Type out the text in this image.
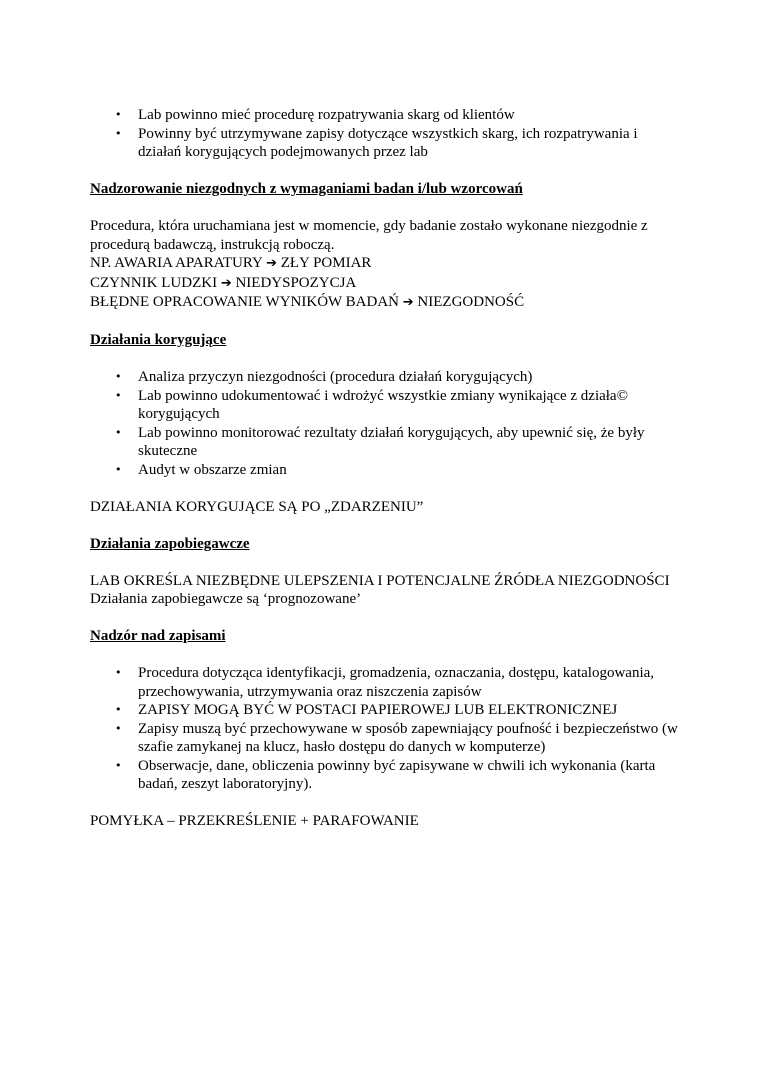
• Lab powinno mieć procedurę rozpatrywania skarg od klientów
• Powinny być utrzymywane zapisy dotyczące wszystkich skarg, ich rozpatrywania i działań korygujących podejmowanych przez lab

Nadzorowanie niezgodnych z wymaganiami badan i/lub wzorcowań

Procedura, która uruchamiana jest w momencie, gdy badanie zostało wykonane niezgodnie z procedurą badawczą, instrukcją roboczą.

NP. AWARIA APARATURY ➔ ZŁY POMIAR

CZYNNIK LUDZKI ➔ NIEDYSPOZYCJA

BŁĘDNE OPRACOWANIE WYNIKÓW BADAŃ ➔ NIEZGODNOŚĆ

Działania korygujące

• Analiza przyczyn niezgodności (procedura działań korygujących)
• Lab powinno udokumentować i wdrożyć wszystkie zmiany wynikające z działa© korygujących
• Lab powinno monitorować rezultaty działań korygujących, aby upewnić się, że były skuteczne
• Audyt w obszarze zmian

DZIAŁANIA KORYGUJĄCE SĄ PO „ZDARZENIU”

Działania zapobiegawcze

LAB OKREŚLA NIEZBĘDNE ULEPSZENIA I POTENCJALNE ŹRÓDŁA NIEZGODNOŚCI

Działania zapobiegawcze są ‘prognozowane’

Nadzór nad zapisami

• Procedura dotycząca identyfikacji, gromadzenia, oznaczania, dostępu, katalogowania, przechowywania, utrzymywania oraz niszczenia zapisów
• ZAPISY MOGĄ BYĆ W POSTACI PAPIEROWEJ LUB ELEKTRONICZNEJ
• Zapisy muszą być przechowywane w sposób zapewniający poufność i bezpieczeństwo (w szafie zamykanej na klucz, hasło dostępu do danych w komputerze)
• Obserwacje, dane, obliczenia powinny być zapisywane w chwili ich wykonania (karta badań, zeszyt laboratoryjny).

POMYŁKA – PRZEKREŚLENIE + PARAFOWANIE
